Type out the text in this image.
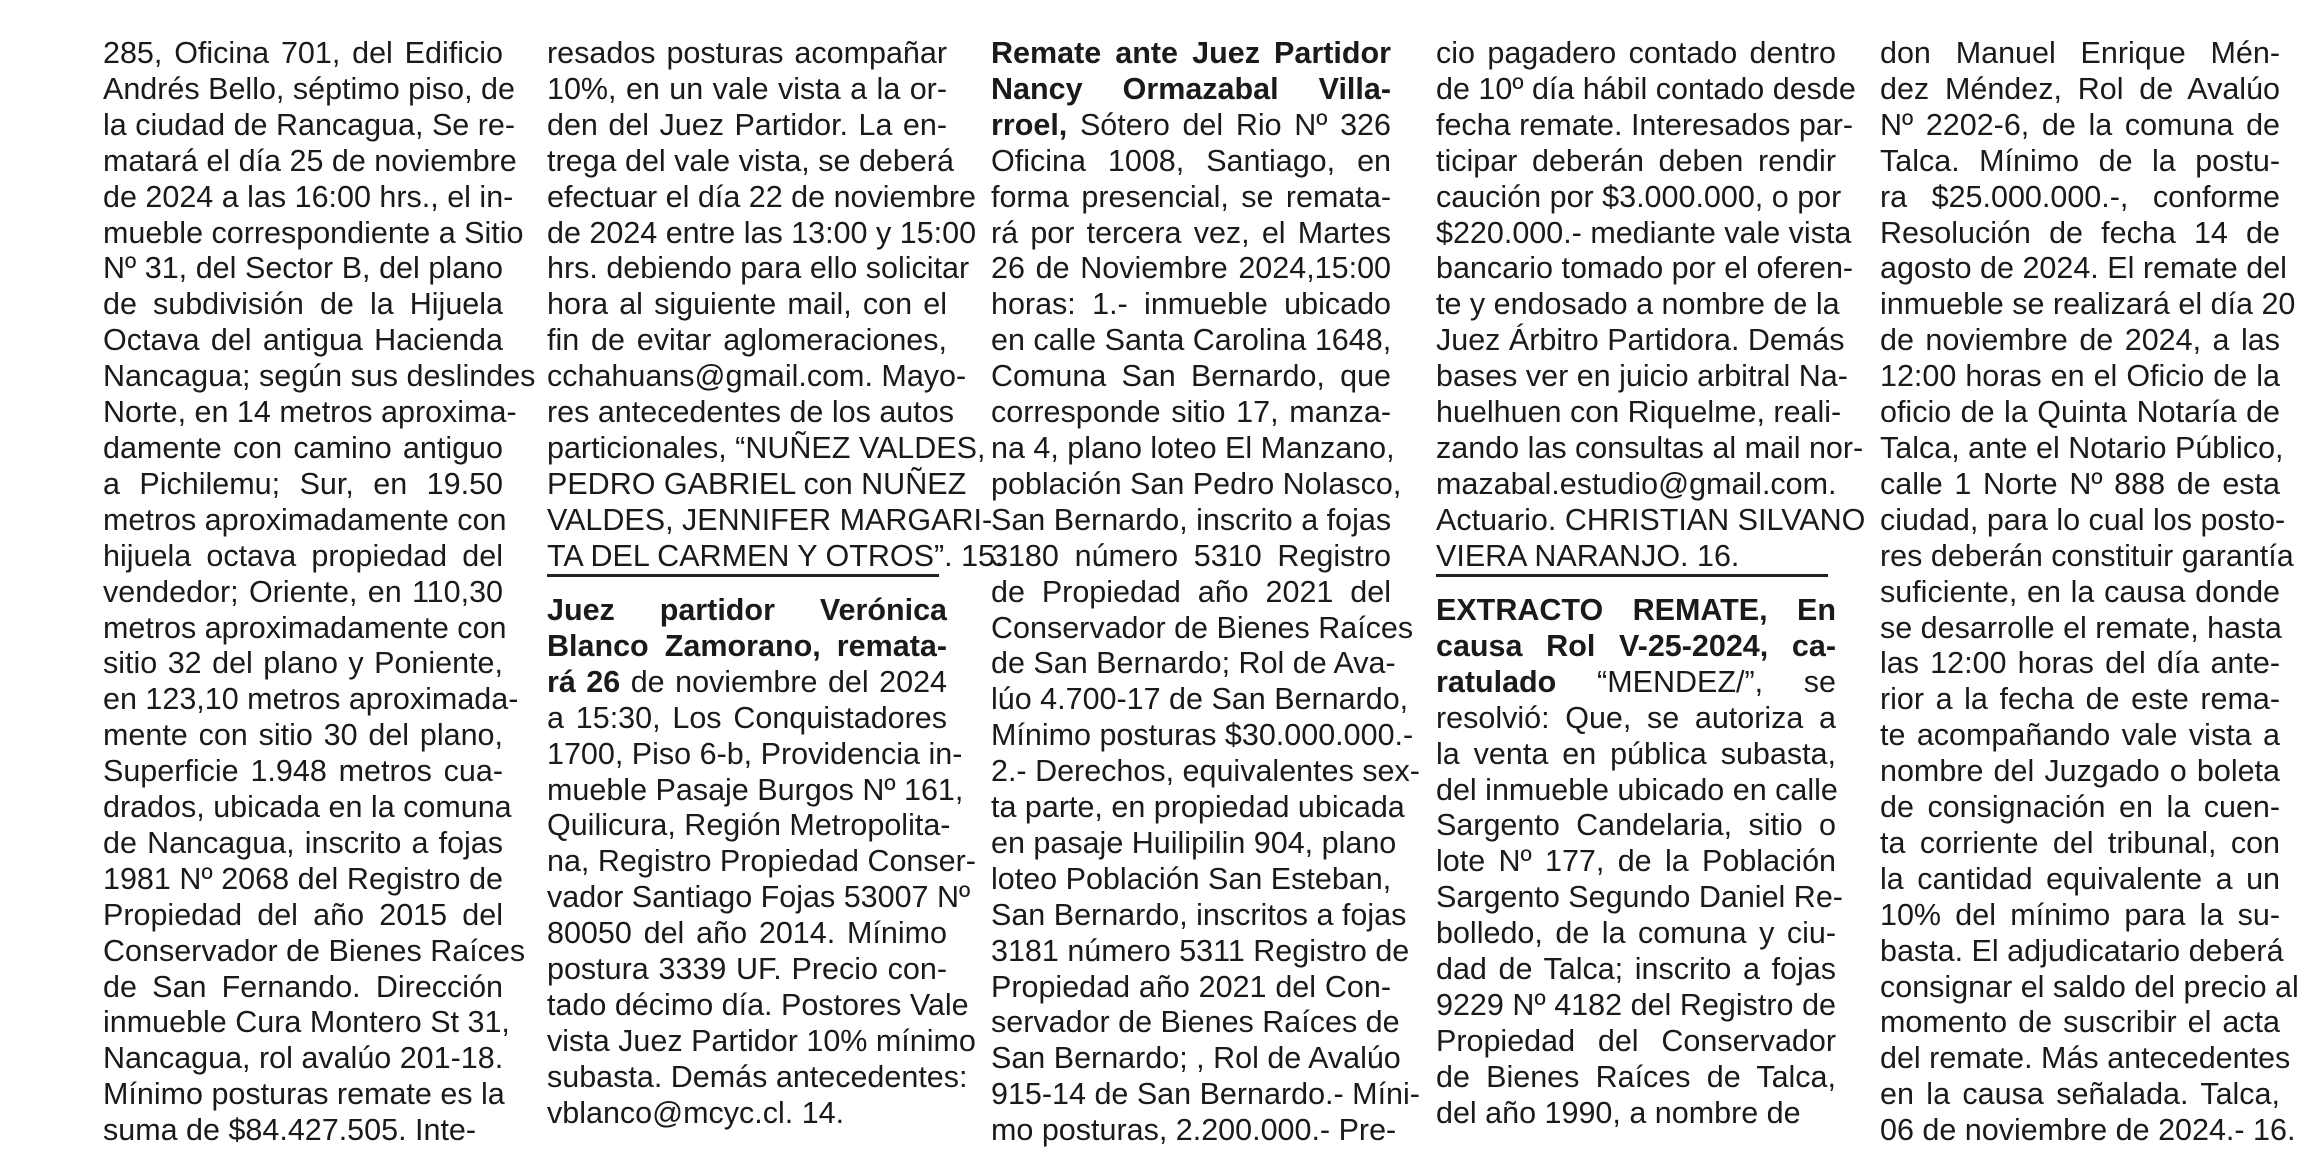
285, Oficina 701, del Edificio
Andrés Bello, séptimo piso, de
la ciudad de Rancagua, Se re-
matará el día 25 de noviembre
de 2024 a las 16:00 hrs., el in-
mueble correspondiente a Sitio
Nº 31, del Sector B, del plano
de subdivisión de la Hijuela
Octava del antigua Hacienda
Nancagua; según sus deslindes
Norte, en 14 metros aproxima-
damente con camino antiguo
a Pichilemu; Sur, en 19.50
metros aproximadamente con
hijuela octava propiedad del
vendedor; Oriente, en 110,30
metros aproximadamente con
sitio 32 del plano y Poniente,
en 123,10 metros aproximada-
mente con sitio 30 del plano,
Superficie 1.948 metros cua-
drados, ubicada en la comuna
de Nancagua, inscrito a fojas
1981 Nº 2068 del Registro de
Propiedad del año 2015 del
Conservador de Bienes Raíces
de San Fernando. Dirección
inmueble Cura Montero St 31,
Nancagua, rol avalúo 201-18.
Mínimo posturas remate es la
suma de $84.427.505. Inte-
resados posturas acompañar
10%, en un vale vista a la or-
den del Juez Partidor. La en-
trega del vale vista, se deberá
efectuar el día 22 de noviembre
de 2024 entre las 13:00 y 15:00
hrs. debiendo para ello solicitar
hora al siguiente mail, con el
fin de evitar aglomeraciones,
cchahuans@gmail.com. Mayo-
res antecedentes de los autos
particionales, “NUÑEZ VALDES,
PEDRO GABRIEL con NUÑEZ
VALDES, JENNIFER MARGARI-
TA DEL CARMEN Y OTROS”. 15.
Juez partidor Verónica
Blanco Zamorano, remata-
rá 26 de noviembre del 2024
a 15:30, Los Conquistadores
1700, Piso 6-b, Providencia in-
mueble Pasaje Burgos Nº 161,
Quilicura, Región Metropolita-
na, Registro Propiedad Conser-
vador Santiago Fojas 53007 Nº
80050 del año 2014. Mínimo
postura 3339 UF. Precio con-
tado décimo día. Postores Vale
vista Juez Partidor 10% mínimo
subasta. Demás antecedentes:
vblanco@mcyc.cl. 14.
Remate ante Juez Partidor
Nancy Ormazabal Villa-
rroel, Sótero del Rio Nº 326
Oficina 1008, Santiago, en
forma presencial, se remata-
rá por tercera vez, el Martes
26 de Noviembre 2024,15:00
horas: 1.- inmueble ubicado
en calle Santa Carolina 1648,
Comuna San Bernardo, que
corresponde sitio 17, manza-
na 4, plano loteo El Manzano,
población San Pedro Nolasco,
San Bernardo, inscrito a fojas
3180 número 5310 Registro
de Propiedad año 2021 del
Conservador de Bienes Raíces
de San Bernardo; Rol de Ava-
lúo 4.700-17 de San Bernardo,
Mínimo posturas $30.000.000.-
2.- Derechos, equivalentes sex-
ta parte, en propiedad ubicada
en pasaje Huilipilin 904, plano
loteo Población San Esteban,
San Bernardo, inscritos a fojas
3181 número 5311 Registro de
Propiedad año 2021 del Con-
servador de Bienes Raíces de
San Bernardo; , Rol de Avalúo
915-14 de San Bernardo.- Míni-
mo posturas, 2.200.000.- Pre-
cio pagadero contado dentro
de 10º día hábil contado desde
fecha remate. Interesados par-
ticipar deberán deben rendir
caución por $3.000.000, o por
$220.000.- mediante vale vista
bancario tomado por el oferen-
te y endosado a nombre de la
Juez Árbitro Partidora. Demás
bases ver en juicio arbitral Na-
huelhuen con Riquelme, reali-
zando las consultas al mail nor-
mazabal.estudio@gmail.com.
Actuario. CHRISTIAN SILVANO
VIERA NARANJO. 16.
EXTRACTO REMATE, En
causa Rol V-25-2024, ca-
ratulado “MENDEZ/”, se
resolvió: Que, se autoriza a
la venta en pública subasta,
del inmueble ubicado en calle
Sargento Candelaria, sitio o
lote Nº 177, de la Población
Sargento Segundo Daniel Re-
bolledo, de la comuna y ciu-
dad de Talca; inscrito a fojas
9229 Nº 4182 del Registro de
Propiedad del Conservador
de Bienes Raíces de Talca,
del año 1990, a nombre de
don Manuel Enrique Mén-
dez Méndez, Rol de Avalúo
Nº 2202-6, de la comuna de
Talca. Mínimo de la postu-
ra $25.000.000.-, conforme
Resolución de fecha 14 de
agosto de 2024. El remate del
inmueble se realizará el día 20
de noviembre de 2024, a las
12:00 horas en el Oficio de la
oficio de la Quinta Notaría de
Talca, ante el Notario Público,
calle 1 Norte Nº 888 de esta
ciudad, para lo cual los postо-
res deberán constituir garantía
suficiente, en la causa donde
se desarrolle el remate, hasta
las 12:00 horas del día ante-
rior a la fecha de este rema-
te acompañando vale vista a
nombre del Juzgado o boleta
de consignación en la cuen-
ta corriente del tribunal, con
la cantidad equivalente a un
10% del mínimo para la su-
basta. El adjudicatario deberá
consignar el saldo del precio al
momento de suscribir el acta
del remate. Más antecedentes
en la causa señalada. Talca,
06 de noviembre de 2024.- 16.
